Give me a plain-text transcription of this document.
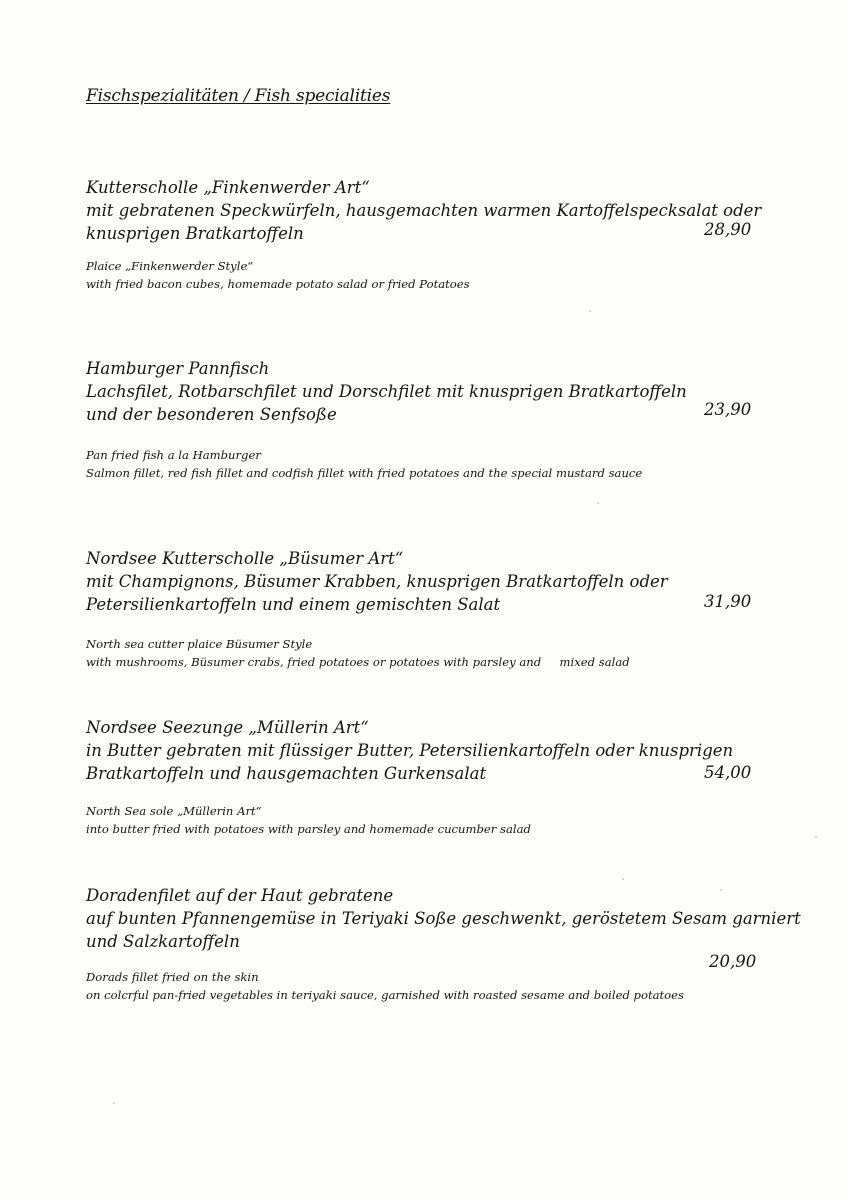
Fischspezialitäten / Fish specialities
Kutterscholle „Finkenwerder Art“
mit gebratenen Speckwürfeln, hausgemachten warmen Kartoffelspecksalat oder
knusprigen Bratkartoffeln
Plaice „Finkenwerder Style“
with fried bacon cubes, homemade potato salad or fried Potatoes
28,90
Hamburger Pannfisch
Lachsfilet, Rotbarschfilet und Dorschfilet mit knusprigen Bratkartoffeln
und der besonderen Senfsoße
Pan fried fish a la Hamburger
Salmon fillet, red fish fillet and codfish fillet with fried potatoes and the special mustard sauce
23,90
Nordsee Kutterscholle „Büsumer Art“
mit Champignons, Büsumer Krabben, knusprigen Bratkartoffeln oder
Petersilienkartoffeln und einem gemischten Salat
North sea cutter plaice Büsumer Style
with mushrooms, Büsumer crabs, fried potatoes or potatoes with parsley and     mixed salad
31,90
Nordsee Seezunge „Müllerin Art“
in Butter gebraten mit flüssiger Butter, Petersilienkartoffeln oder knusprigen
Bratkartoffeln und hausgemachten Gurkensalat
North Sea sole „Müllerin Art“
into butter fried with potatoes with parsley and homemade cucumber salad
54,00
Doradenfilet auf der Haut gebratene
auf bunten Pfannengemüse in Teriyaki Soße geschwenkt, geröstetem Sesam garniert
und Salzkartoffeln
Dorads fillet fried on the skin
on colcrful pan-fried vegetables in teriyaki sauce, garnished with roasted sesame and boiled potatoes
20,90
